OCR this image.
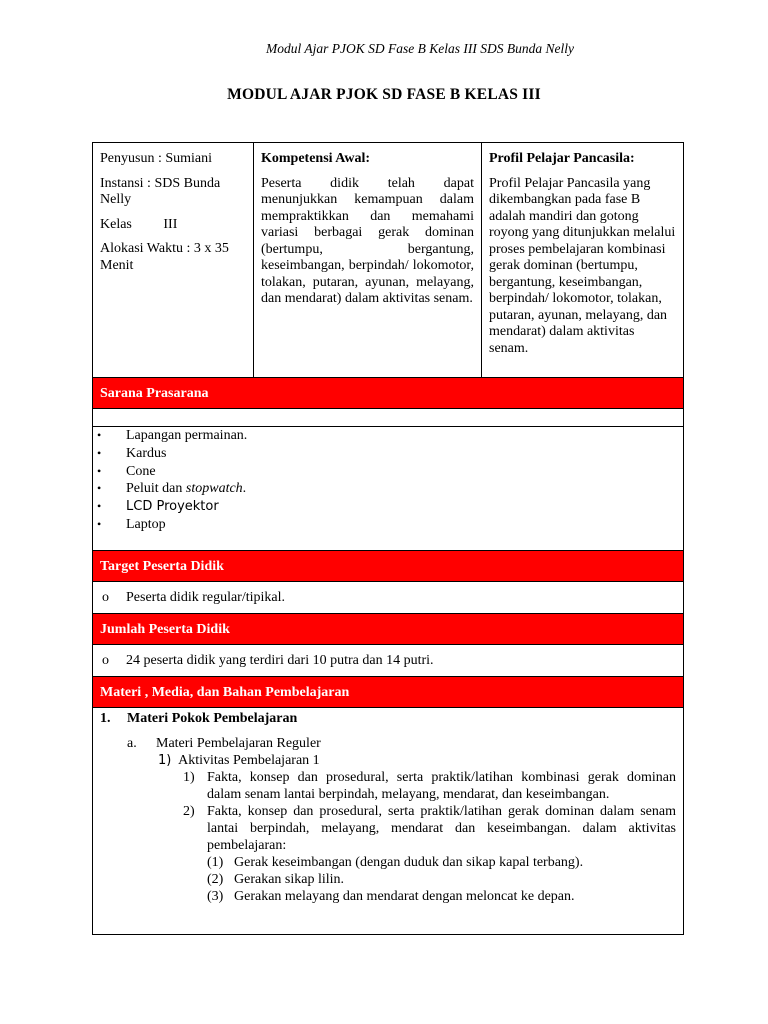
Modul Ajar PJOK SD Fase B Kelas III SDS Bunda Nelly
MODUL AJAR PJOK SD FASE B KELAS III

Penyusun : Sumiani

Instansi : SDS Bunda Nelly

Kelas         III

Alokasi Waktu : 3 x 35 Menit

Kompetensi Awal:

Peserta didik telah dapat menunjukkan kemampuan dalam mempraktikkan dan memahami variasi berbagai gerak dominan (bertumpu, bergantung, keseimbangan, berpindah/ lokomotor, tolakan, putaran, ayunan, melayang, dan mendarat) dalam aktivitas senam.

Profil Pelajar Pancasila:

Profil Pelajar Pancasila yang dikembangkan pada fase B adalah mandiri dan gotong royong yang ditunjukkan melalui proses pembelajaran kombinasi gerak dominan (bertumpu, bergantung, keseimbangan, berpindah/ lokomotor, tolakan, putaran, ayunan, melayang, dan mendarat) dalam aktivitas senam.

Sarana Prasarana
• Lapangan permainan.
• Kardus
• Cone
• Peluit dan stopwatch.
• LCD Proyektor
• Laptop
Target Peserta Didik
o Peserta didik regular/tipikal.
Jumlah Peserta Didik
o 24 peserta didik yang terdiri dari 10 putra dan 14 putri.
Materi , Media, dan Bahan Pembelajaran
1. Materi Pokok Pembelajaran
a. Materi Pembelajaran Reguler
1) Aktivitas Pembelajaran 1
1) Fakta, konsep dan prosedural, serta praktik/latihan kombinasi gerak dominan dalam senam lantai berpindah, melayang, mendarat, dan keseimbangan.
2) Fakta, konsep dan prosedural, serta praktik/latihan gerak dominan dalam senam lantai berpindah, melayang, mendarat dan keseimbangan. dalam aktivitas pembelajaran:
(1) Gerak keseimbangan (dengan duduk dan sikap kapal terbang).
(2) Gerakan sikap lilin.
(3) Gerakan melayang dan mendarat dengan meloncat ke depan.
